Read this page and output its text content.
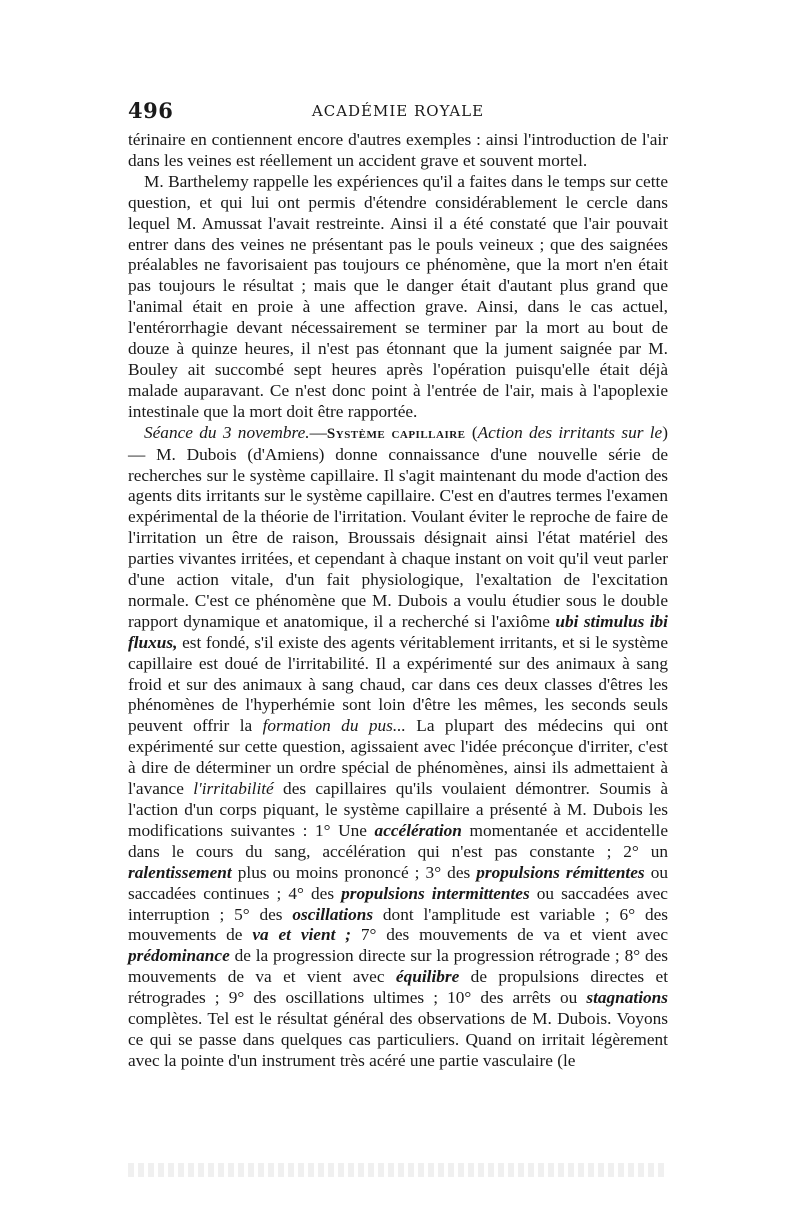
496	ACADÉMIE ROYALE

térinaire en contiennent encore d'autres exemples : ainsi l'introduction de l'air dans les veines est réellement un accident grave et souvent mortel.

M. Barthelemy rappelle les expériences qu'il a faites dans le temps sur cette question, et qui lui ont permis d'étendre considérablement le cercle dans lequel M. Amussat l'avait restreinte. Ainsi il a été constaté que l'air pouvait entrer dans des veines ne présentant pas le pouls veineux ; que des saignées préalables ne favorisaient pas toujours ce phénomène, que la mort n'en était pas toujours le résultat ; mais que le danger était d'autant plus grand que l'animal était en proie à une affection grave. Ainsi, dans le cas actuel, l'entérorrhagie devant nécessairement se terminer par la mort au bout de douze à quinze heures, il n'est pas étonnant que la jument saignée par M. Bouley ait succombé sept heures après l'opération puisqu'elle était déjà malade auparavant. Ce n'est donc point à l'entrée de l'air, mais à l'apoplexie intestinale que la mort doit être rapportée.

Séance du 3 novembre.—Système capillaire (Action des irritants sur le) — M. Dubois (d'Amiens) donne connaissance d'une nouvelle série de recherches sur le système capillaire. Il s'agit maintenant du mode d'action des agents dits irritants sur le système capillaire. C'est en d'autres termes l'examen expérimental de la théorie de l'irritation. Voulant éviter le reproche de faire de l'irritation un être de raison, Broussais désignait ainsi l'état matériel des parties vivantes irritées, et cependant à chaque instant on voit qu'il veut parler d'une action vitale, d'un fait physiologique, l'exaltation de l'excitation normale. C'est ce phénomène que M. Dubois a voulu étudier sous le double rapport dynamique et anatomique, il a recherché si l'axiôme ubi stimulus ibi fluxus, est fondé, s'il existe des agents véritablement irritants, et si le système capillaire est doué de l'irritabilité. Il a expérimenté sur des animaux à sang froid et sur des animaux à sang chaud, car dans ces deux classes d'êtres les phénomènes de l'hyperhémie sont loin d'être les mêmes, les seconds seuls peuvent offrir la formation du pus... La plupart des médecins qui ont expérimenté sur cette question, agissaient avec l'idée préconçue d'irriter, c'est à dire de déterminer un ordre spécial de phénomènes, ainsi ils admettaient à l'avance l'irritabilité des capillaires qu'ils voulaient démontrer. Soumis à l'action d'un corps piquant, le système capillaire a présenté à M. Dubois les modifications suivantes : 1° Une accélération momentanée et accidentelle dans le cours du sang, accélération qui n'est pas constante ; 2° un ralentissement plus ou moins prononcé ; 3° des propulsions rémittentes ou saccadées continues ; 4° des propulsions intermittentes ou saccadées avec interruption ; 5° des oscillations dont l'amplitude est variable ; 6° des mouvements de va et vient ; 7° des mouvements de va et vient avec prédominance de la progression directe sur la progression rétrograde ; 8° des mouvements de va et vient avec équilibre de propulsions directes et rétrogrades ; 9° des oscillations ultimes ; 10° des arrêts ou stagnations complètes. Tel est le résultat général des observations de M. Dubois. Voyons ce qui se passe dans quelques cas particuliers. Quand on irritait légèrement avec la pointe d'un instrument très acéré une partie vasculaire (le
